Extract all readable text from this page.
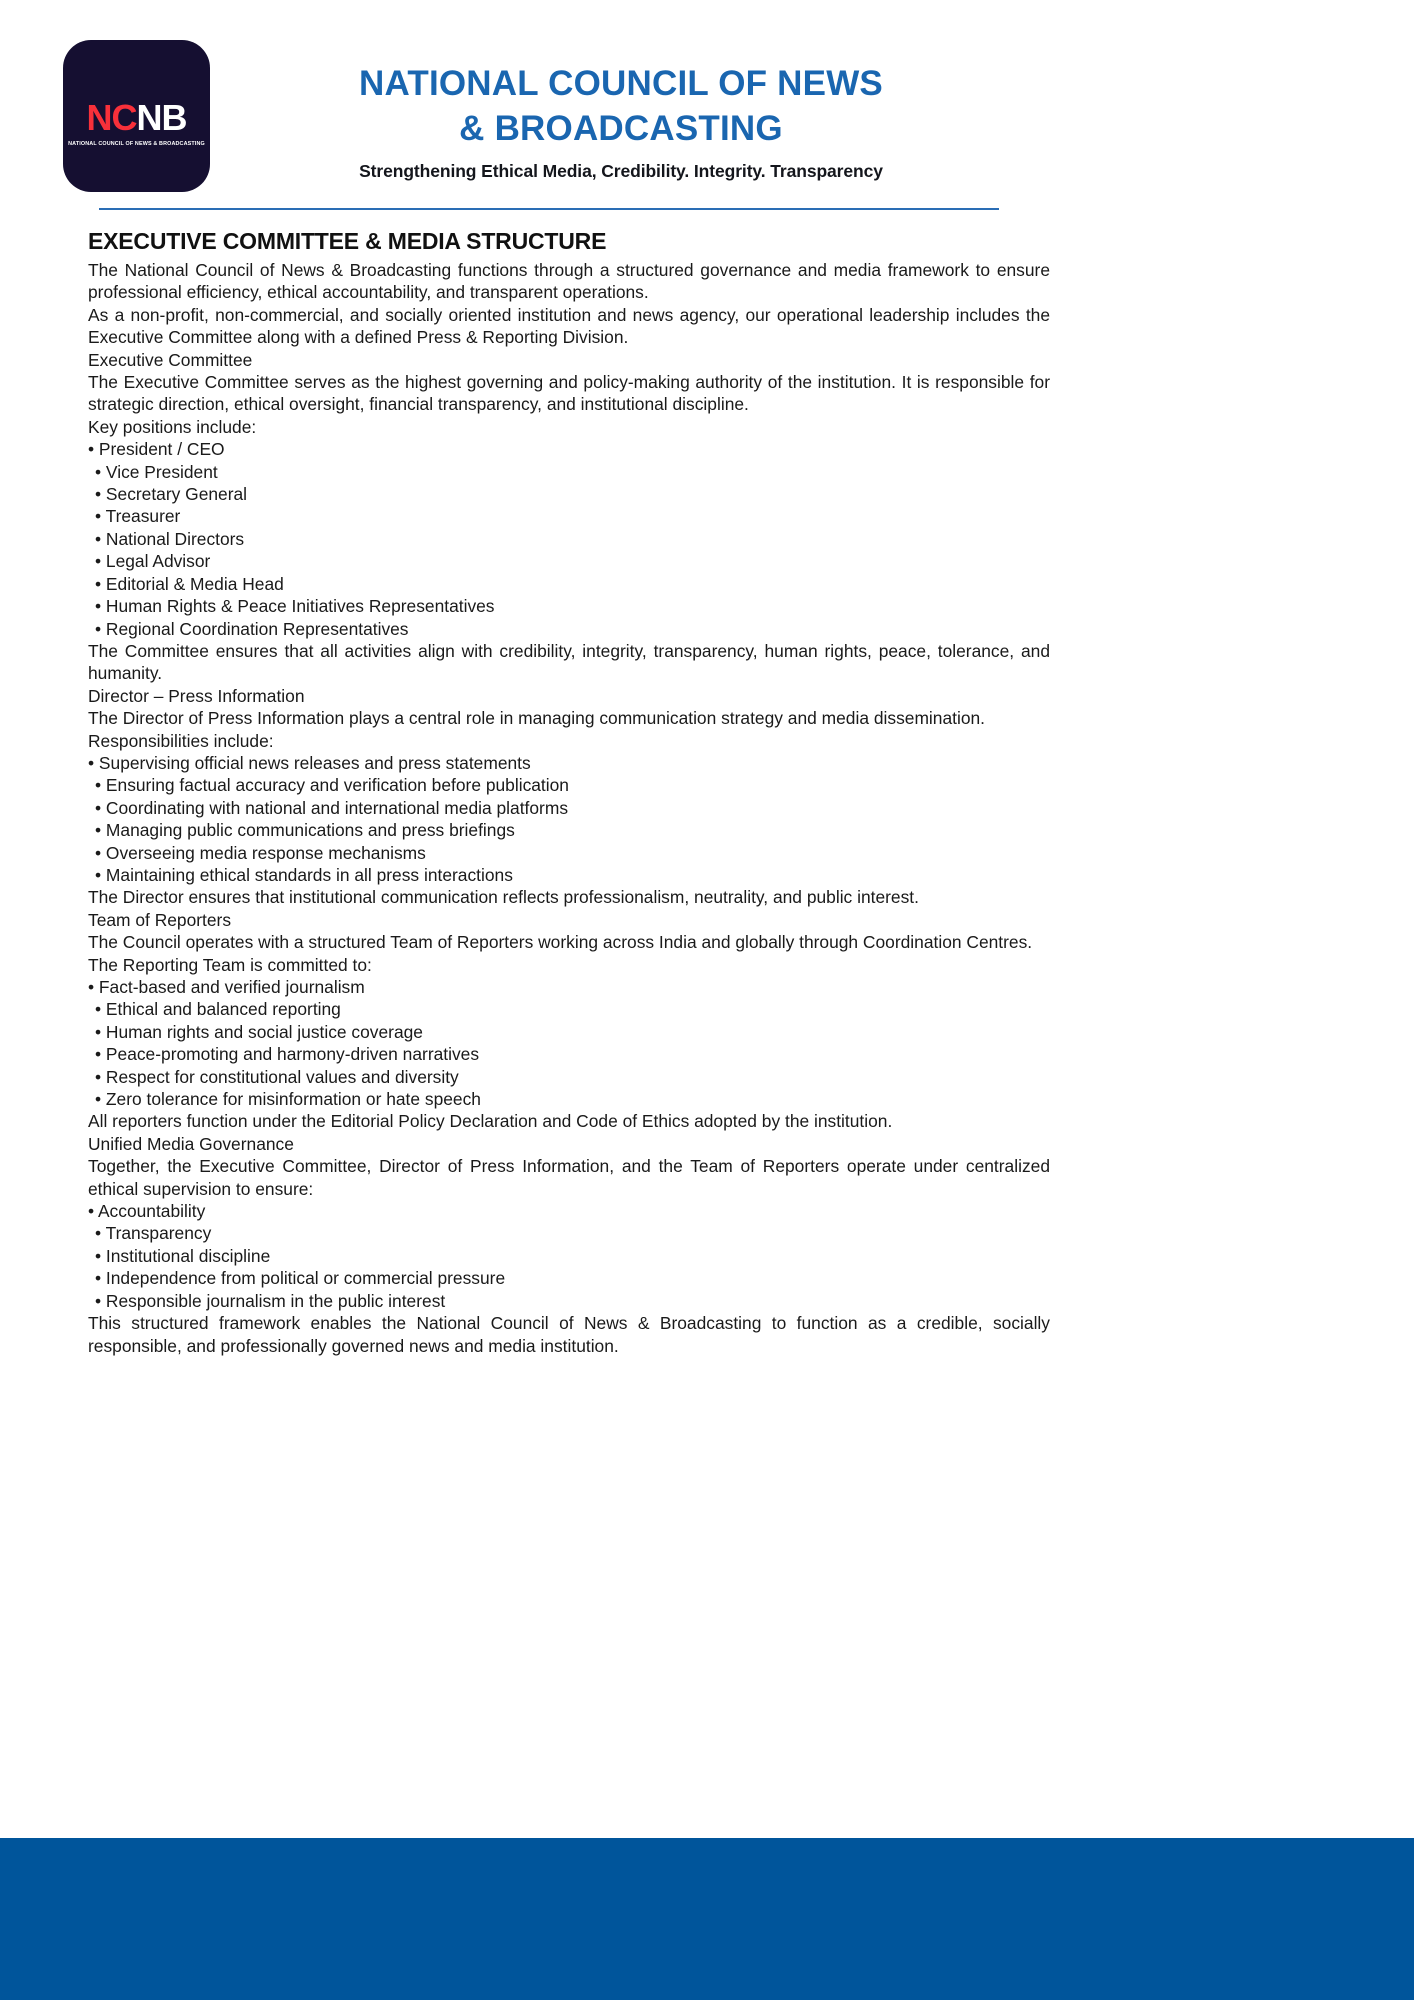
NCNB
NATIONAL COUNCIL OF NEWS & BROADCASTING
NATIONAL COUNCIL OF NEWS
& BROADCASTING
Strengthening Ethical Media, Credibility. Integrity. Transparency
EXECUTIVE COMMITTEE & MEDIA STRUCTURE

The National Council of News & Broadcasting functions through a structured governance and media framework to ensure professional efficiency, ethical accountability, and transparent operations.

As a non-profit, non-commercial, and socially oriented institution and news agency, our operational leadership includes the Executive Committee along with a defined Press & Reporting Division.

Executive Committee

The Executive Committee serves as the highest governing and policy-making authority of the institution. It is responsible for strategic direction, ethical oversight, financial transparency, and institutional discipline.

Key positions include:

• President / CEO

• Vice President

• Secretary General

• Treasurer

• National Directors

• Legal Advisor

• Editorial & Media Head

• Human Rights & Peace Initiatives Representatives

• Regional Coordination Representatives

The Committee ensures that all activities align with credibility, integrity, transparency, human rights, peace, tolerance, and humanity.

Director – Press Information

The Director of Press Information plays a central role in managing communication strategy and media dissemination.

Responsibilities include:

• Supervising official news releases and press statements

• Ensuring factual accuracy and verification before publication

• Coordinating with national and international media platforms

• Managing public communications and press briefings

• Overseeing media response mechanisms

• Maintaining ethical standards in all press interactions

The Director ensures that institutional communication reflects professionalism, neutrality, and public interest.

Team of Reporters

The Council operates with a structured Team of Reporters working across India and globally through Coordination Centres.

The Reporting Team is committed to:

• Fact-based and verified journalism

• Ethical and balanced reporting

• Human rights and social justice coverage

• Peace-promoting and harmony-driven narratives

• Respect for constitutional values and diversity

• Zero tolerance for misinformation or hate speech

All reporters function under the Editorial Policy Declaration and Code of Ethics adopted by the institution.

Unified Media Governance

Together, the Executive Committee, Director of Press Information, and the Team of Reporters operate under centralized ethical supervision to ensure:

• Accountability

• Transparency

• Institutional discipline

• Independence from political or commercial pressure

• Responsible journalism in the public interest

This structured framework enables the National Council of News & Broadcasting to function as a credible, socially responsible, and professionally governed news and media institution.
